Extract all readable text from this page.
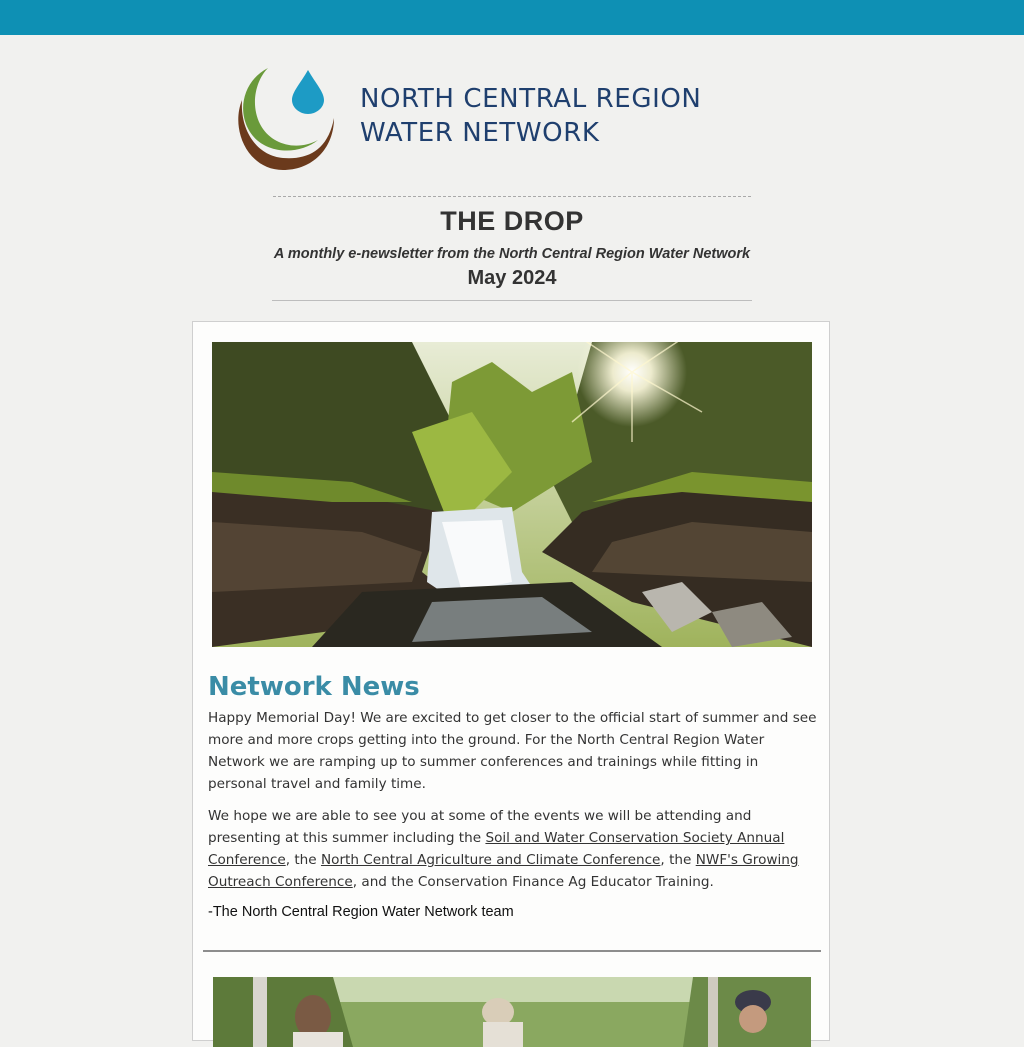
NORTH CENTRAL REGION
WATER NETWORK
THE DROP
A monthly e-newsletter from the North Central Region Water Network
May 2024
Network News

Happy Memorial Day! We are excited to get closer to the official start of summer and see more and more crops getting into the ground. For the North Central Region Water Network we are ramping up to summer conferences and trainings while fitting in personal travel and family time.

We hope we are able to see you at some of the events we will be attending and presenting at this summer including the Soil and Water Conservation Society Annual Conference, the North Central Agriculture and Climate Conference, the NWF's Growing Outreach Conference, and the Conservation Finance Ag Educator Training.

-The North Central Region Water Network team
